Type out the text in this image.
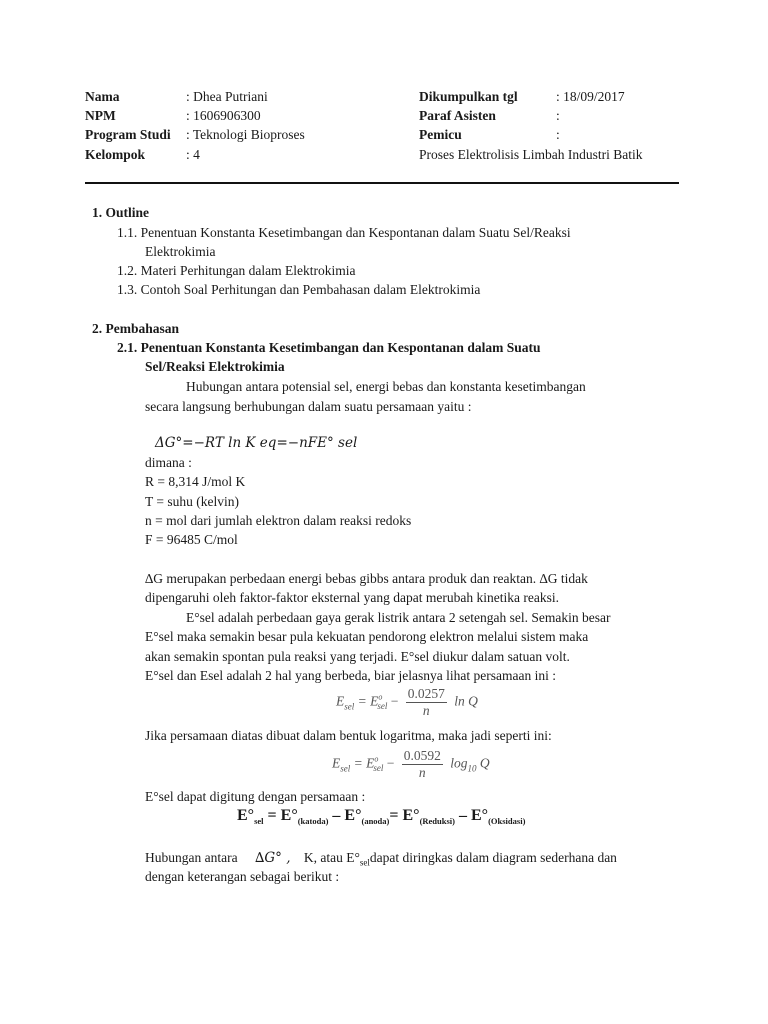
Nama	: Dhea Putriani
NPM	: 1606906300
Program Studi : Teknologi Bioproses
Kelompok	: 4
Dikumpulkan tgl	: 18/09/2017
Paraf Asisten	:
Pemicu	:
Proses Elektrolisis Limbah Industri Batik
1. Outline
1.1. Penentuan Konstanta Kesetimbangan dan Kespontanan dalam Suatu Sel/Reaksi
Elektrokimia
1.2. Materi Perhitungan dalam Elektrokimia
1.3. Contoh Soal Perhitungan dan Pembahasan dalam Elektrokimia
2. Pembahasan
2.1. Penentuan Konstanta Kesetimbangan dan Kespontanan dalam Suatu
Sel/Reaksi Elektrokimia
Hubungan antara potensial sel, energi bebas dan konstanta kesetimbangan
secara langsung berhubungan dalam suatu persamaan yaitu :
ΔG°=−RT ln K eq=−nFE° sel
dimana :
R = 8,314 J/mol K
T = suhu (kelvin)
n = mol dari jumlah elektron dalam reaksi redoks
F = 96485 C/mol
∆G merupakan perbedaan energi bebas gibbs antara produk dan reaktan. ∆G tidak
dipengaruhi oleh faktor-faktor eksternal yang dapat merubah kinetika reaksi.
E°sel adalah perbedaan gaya gerak listrik antara 2 setengah sel. Semakin besar
E°sel maka semakin besar pula kekuatan pendorong elektron melalui sistem maka
akan semakin spontan pula reaksi yang terjadi. E°sel diukur dalam satuan volt.
E°sel dan Esel adalah 2 hal yang berbeda, biar jelasnya lihat persamaan ini :
$E_{sel} = E^o_{sel} - \frac{0.0257}{n}$ ln Q
Jika persamaan diatas dibuat dalam bentuk logaritma, maka jadi seperti ini:
$E_{sel} = E^o_{sel} - \frac{0.0592}{n} \log_{10} Q$
E°sel dapat digitung dengan persamaan :
$E^\circ_{sel} = E^\circ_{(katoda)} - E^\circ_{(anoda)}= E^\circ_{(Reduksi)} - E^\circ_{(Oksidasi)}$
Hubungan antara ∆G° , K, atau $E^\circ_{sel}dapat$ diringkas dalam diagram sederhana dan
dengan keterangan sebagai berikut :
